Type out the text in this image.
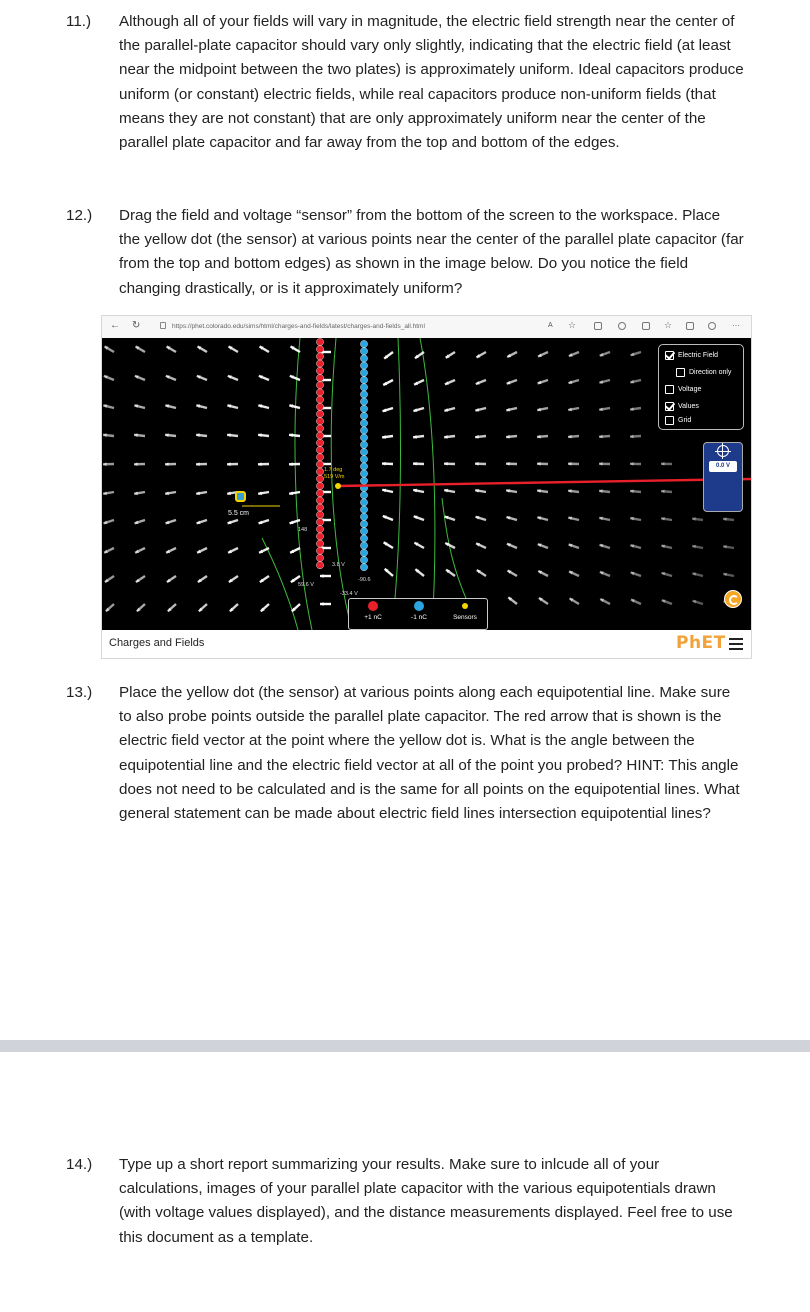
11.) Although all of your fields will vary in magnitude, the electric field strength near the center of the parallel-plate capacitor should vary only slightly, indicating that the electric field (at least near the midpoint between the two plates) is approximately uniform. Ideal capacitors produce uniform (or constant) electric fields, while real capacitors produce non-uniform fields (that means they are not constant) that are only approximately uniform near the center of the parallel plate capacitor and far away from the top and bottom of the edges.
12.) Drag the field and voltage “sensor” from the bottom of the screen to the workspace. Place the yellow dot (the sensor) at various points near the center of the parallel plate capacitor (far from the top and bottom edges) as shown in the image below. Do you notice the field changing drastically, or is it approximately uniform?
← ↻	https://phet.colorado.edu/sims/html/charges-and-fields/latest/charges-and-fields_all.html	A	☆	☆	···
Electric Field
Direction only
Voltage
Values
Grid
0.0 V
5.5 cm
1.7 deg
519 V/m
3.8 V
59.6 V
-90.6
-33.4 V
148
+1 nC	-1 nC	Sensors
Charges and Fields	PhET
13.) Place the yellow dot (the sensor) at various points along each equipotential line. Make sure to also probe points outside the parallel plate capacitor. The red arrow that is shown is the electric field vector at the point where the yellow dot is. What is the angle between the equipotential line and the electric field vector at all of the point you probed? HINT: This angle does not need to be calculated and is the same for all points on the equipotential lines. What general statement can be made about electric field lines intersection equipotential lines?
14.) Type up a short report summarizing your results. Make sure to inlcude all of your calculations, images of your parallel plate capacitor with the various equipotentials drawn (with voltage values displayed), and the distance measurements displayed. Feel free to use this document as a template.
